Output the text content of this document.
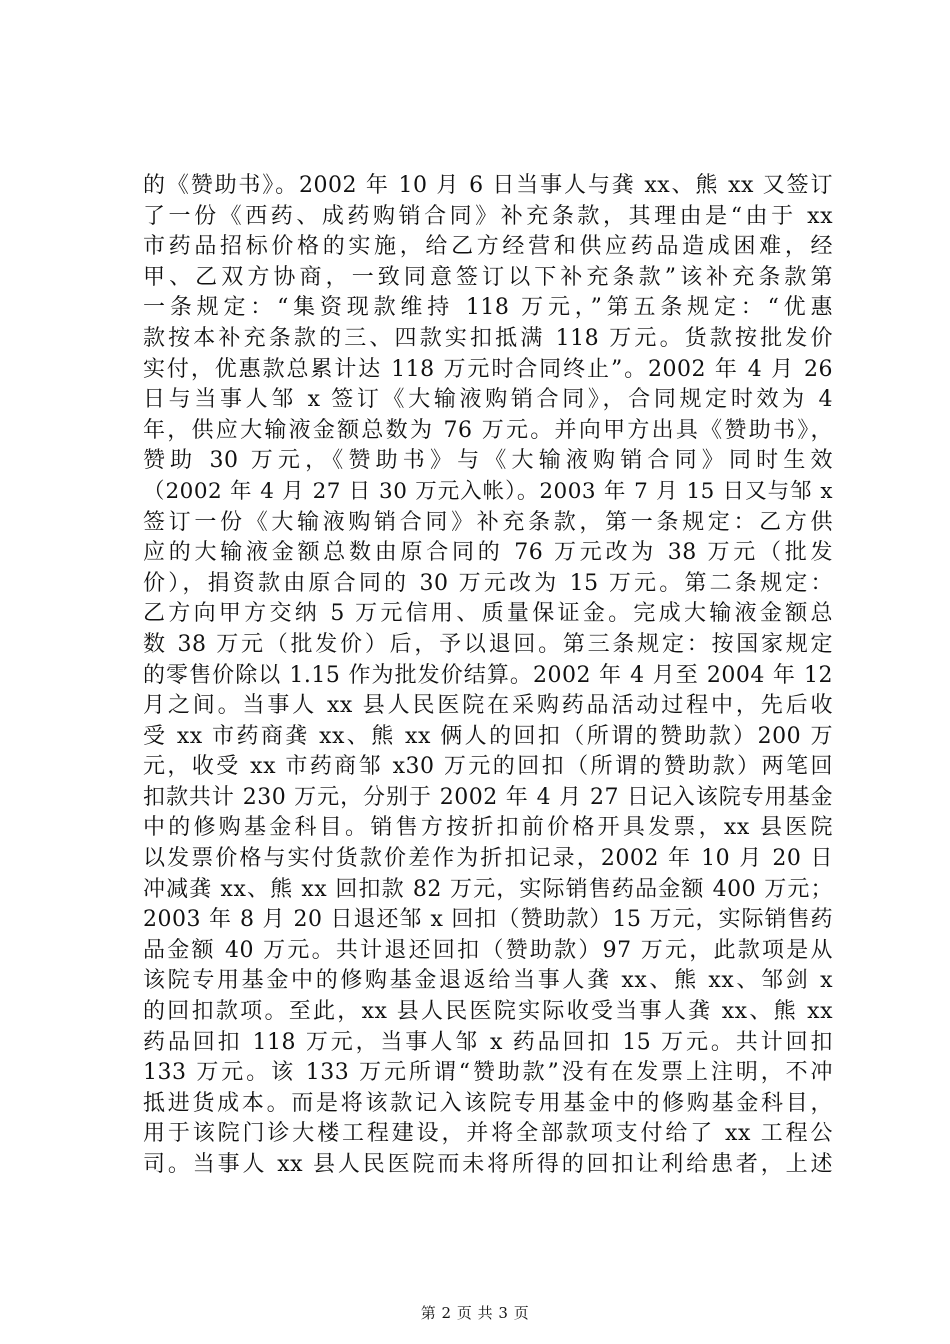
的《赞助书》。2002 年 10 月 6 日当事人与龚 xx、熊 xx 又签订
了一份《西药、成药购销合同》补充条款，其理由是“由于 xx
市药品招标价格的实施，给乙方经营和供应药品造成困难，经
甲、乙双方协商，一致同意签订以下补充条款”该补充条款第
一条规定：“集资现款维持 118 万元，”第五条规定：“优惠
款按本补充条款的三、四款实扣抵满 118 万元。货款按批发价
实付，优惠款总累计达 118 万元时合同终止”。2002 年 4 月 26
日与当事人邹 x 签订《大输液购销合同》，合同规定时效为 4
年，供应大输液金额总数为 76 万元。并向甲方出具《赞助书》，
赞助 30 万元，《赞助书》与《大输液购销合同》同时生效
（2002 年 4 月 27 日 30 万元入帐）。2003 年 7 月 15 日又与邹 x
签订一份《大输液购销合同》补充条款，第一条规定：乙方供
应的大输液金额总数由原合同的 76 万元改为 38 万元（批发
价），捐资款由原合同的 30 万元改为 15 万元。第二条规定：
乙方向甲方交纳 5 万元信用、质量保证金。完成大输液金额总
数 38 万元（批发价）后，予以退回。第三条规定：按国家规定
的零售价除以 1.15 作为批发价结算。2002 年 4 月至 2004 年 12
月之间。当事人 xx 县人民医院在采购药品活动过程中，先后收
受 xx 市药商龚 xx、熊 xx 俩人的回扣（所谓的赞助款）200 万
元，收受 xx 市药商邹 x30 万元的回扣（所谓的赞助款）两笔回
扣款共计 230 万元，分别于 2002 年 4 月 27 日记入该院专用基金
中的修购基金科目。销售方按折扣前价格开具发票，xx 县医院
以发票价格与实付货款价差作为折扣记录，2002 年 10 月 20 日
冲减龚 xx、熊 xx 回扣款 82 万元，实际销售药品金额 400 万元；
2003 年 8 月 20 日退还邹 x 回扣（赞助款）15 万元，实际销售药
品金额 40 万元。共计退还回扣（赞助款）97 万元，此款项是从
该院专用基金中的修购基金退返给当事人龚 xx、熊 xx、邹剑 x
的回扣款项。至此，xx 县人民医院实际收受当事人龚 xx、熊 xx
药品回扣 118 万元，当事人邹 x 药品回扣 15 万元。共计回扣
133 万元。该 133 万元所谓“赞助款”没有在发票上注明，不冲
抵进货成本。而是将该款记入该院专用基金中的修购基金科目，
用于该院门诊大楼工程建设，并将全部款项支付给了 xx 工程公
司。当事人 xx 县人民医院而未将所得的回扣让利给患者，上述
第 2 页 共 3 页
